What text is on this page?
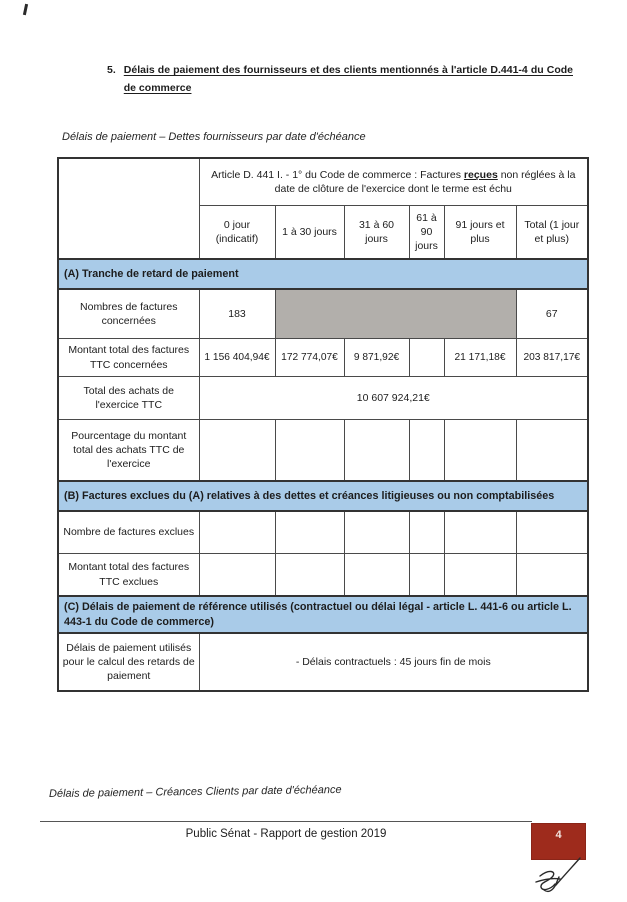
5. Délais de paiement des fournisseurs et des clients mentionnés à l'article D.441-4 du Code de commerce
Délais de paiement – Dettes fournisseurs par date d'échéance
	Article D. 441 I. - 1° du Code de commerce : Factures reçues non réglées à la date de clôture de l'exercice dont le terme est échu					
	0 jour (indicatif)	1 à 30 jours	31 à 60 jours	61 à 90 jours	91 jours et plus	Total (1 jour et plus)
(A) Tranche de retard de paiement						
Nombres de factures concernées	183					67
Montant total des factures TTC concernées	1 156 404,94€	172 774,07€	9 871,92€		21 171,18€	203 817,17€
Total des achats de l'exercice TTC	10 607 924,21€					
Pourcentage du montant total des achats TTC de l'exercice						
(B) Factures exclues du (A) relatives à des dettes et créances litigieuses ou non comptabilisées						
Nombre de factures exclues						
Montant total des factures TTC exclues						
(C) Délais de paiement de référence utilisés (contractuel ou délai légal - article L. 441-6 ou article L. 443-1 du Code de commerce)						
Délais de paiement utilisés pour le calcul des retards de paiement	- Délais contractuels : 45 jours fin de mois					
Délais de paiement – Créances Clients par date d'échéance
Public Sénat - Rapport de gestion 2019	4
